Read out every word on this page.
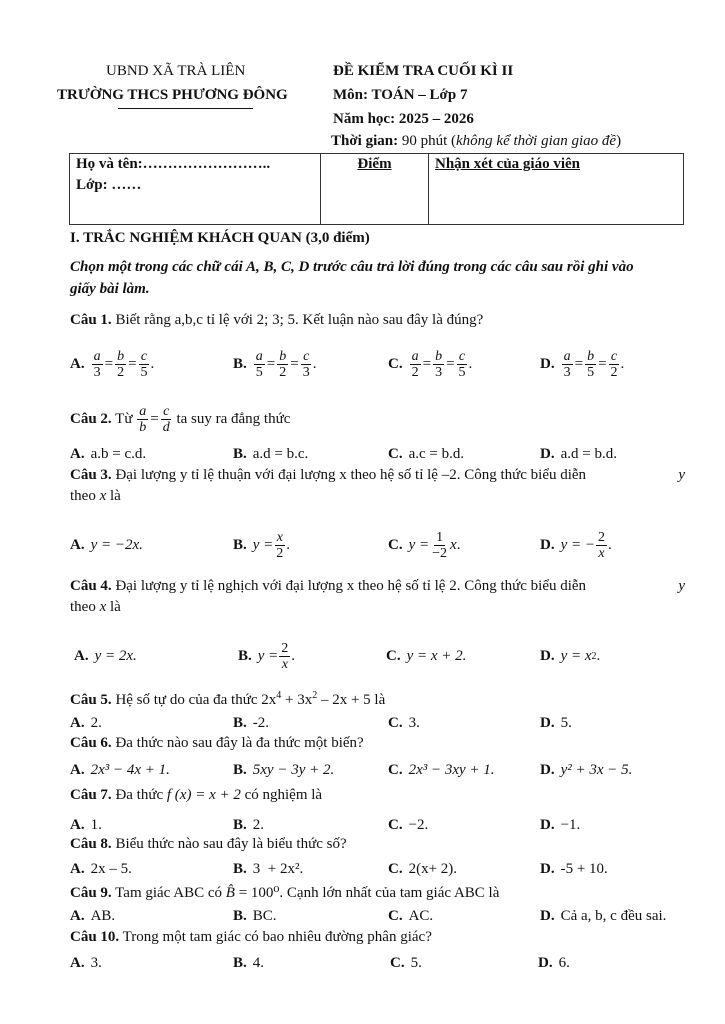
UBND XÃ TRÀ LIÊN
TRƯỜNG THCS PHƯƠNG ĐÔNG
ĐỀ KIỂM TRA CUỐI KÌ II
Môn: TOÁN – Lớp 7
Năm học: 2025 – 2026
Thời gian: 90 phút (không kể thời gian giao đề)
Họ và tên:……………………..
Lớp: ……
	Điểm	Nhận xét của giáo viên
I. TRẮC NGHIỆM KHÁCH QUAN (3,0 điểm)
Chọn một trong các chữ cái A, B, C, D trước câu trả lời đúng trong các câu sau rồi ghi vào
giấy bài làm.
Câu 1. Biết rằng a,b,c tỉ lệ với 2; 3; 5. Kết luận nào sau đây là đúng?
A. $\frac{a}{3} = \frac{b}{2} = \frac{c}{5}$ .	B. $\frac{a}{5} = \frac{b}{2} = \frac{c}{3}$ .	C. $\frac{a}{2} = \frac{b}{3} = \frac{c}{5}$ .	D. $\frac{a}{3} = \frac{b}{5} = \frac{c}{2}$ .
Câu 2. Từ $\frac{a}{b} = \frac{c}{d}$ ta suy ra đẳng thức
A. a.b = c.d.	B. a.d = b.c.	C. a.c = b.d.	D. a.d = b.d.
Câu 3. Đại lượng y tỉ lệ thuận với đại lượng x theo hệ số tỉ lệ –2. Công thức biểu diễn	y
theo x là
A. y = −2x.	B. $y = \frac{x}{2}$ .	C. $y = \frac{1}{-2}$ x .	D. y = − $\frac{2}{x}$ .
Câu 4. Đại lượng y tỉ lệ nghịch với đại lượng x theo hệ số tỉ lệ 2. Công thức biểu diễn	y
theo x là
A. y = 2x.	B. $y = \frac{2}{x}$ .	C. y = x + 2.	D. y = x 2 .
Câu 5. Hệ số tự do của đa thức $2x^4 + 3x^2 - 2x + 5$ là
A. 2.	B. -2.	C. 3.	D. 5.
Câu 6. Đa thức nào sau đây là đa thức một biến?
A. 2x³ − 4x + 1.	B. 5xy − 3y + 2.	C. 2x³ − 3xy + 1.	D. y² + 3x − 5.
Câu 7. Đa thức f (x) = x + 2 có nghiệm là
A. 1.	B. 2.	C. −2.	D. −1.
Câu 8. Biểu thức nào sau đây là biểu thức số?
A. 2x – 5.	B. 3  + 2x².	C. 2(x+ 2).	D. -5 + 10.
Câu 9. Tam giác ABC có B̂ = 100⁰. Cạnh lớn nhất của tam giác ABC là
A. AB.	B. BC.	C. AC.	D. Cả a, b, c đều sai.
Câu 10. Trong một tam giác có bao nhiêu đường phân giác?
A. 3.	B. 4.	C. 5.	D. 6.
